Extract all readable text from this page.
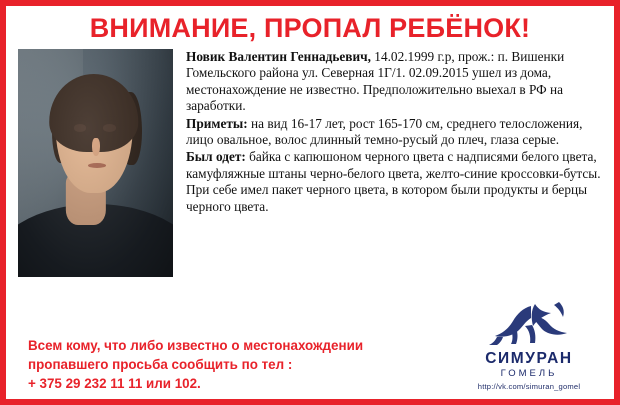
ВНИМАНИЕ, ПРОПАЛ РЕБЁНОК!

Новик Валентин Геннадьевич, 14.02.1999 г.р, прож.: п. Вишенки Гомельского района ул. Северная 1Г/1. 02.09.2015 ушел из дома, местонахождение не известно. Предположительно выехал в РФ на заработки.

Приметы: на вид 16-17 лет, рост 165-170 см, среднего телосложения, лицо овальное, волос длинный темно-русый до плеч, глаза серые.

Был одет: байка с капюшоном черного цвета с надписями белого цвета, камуфляжные штаны черно-белого цвета, желто-синие кроссовки-бутсы. При себе имел пакет черного цвета, в котором были продукты и берцы черного цвета.

Всем кому, что либо известно о местонахождении
пропавшего просьба сообщить по тел :
+ 375 29 232 11 11 или 102.
СИМУРАН
ГОМЕЛЬ
http://vk.com/simuran_gomel
